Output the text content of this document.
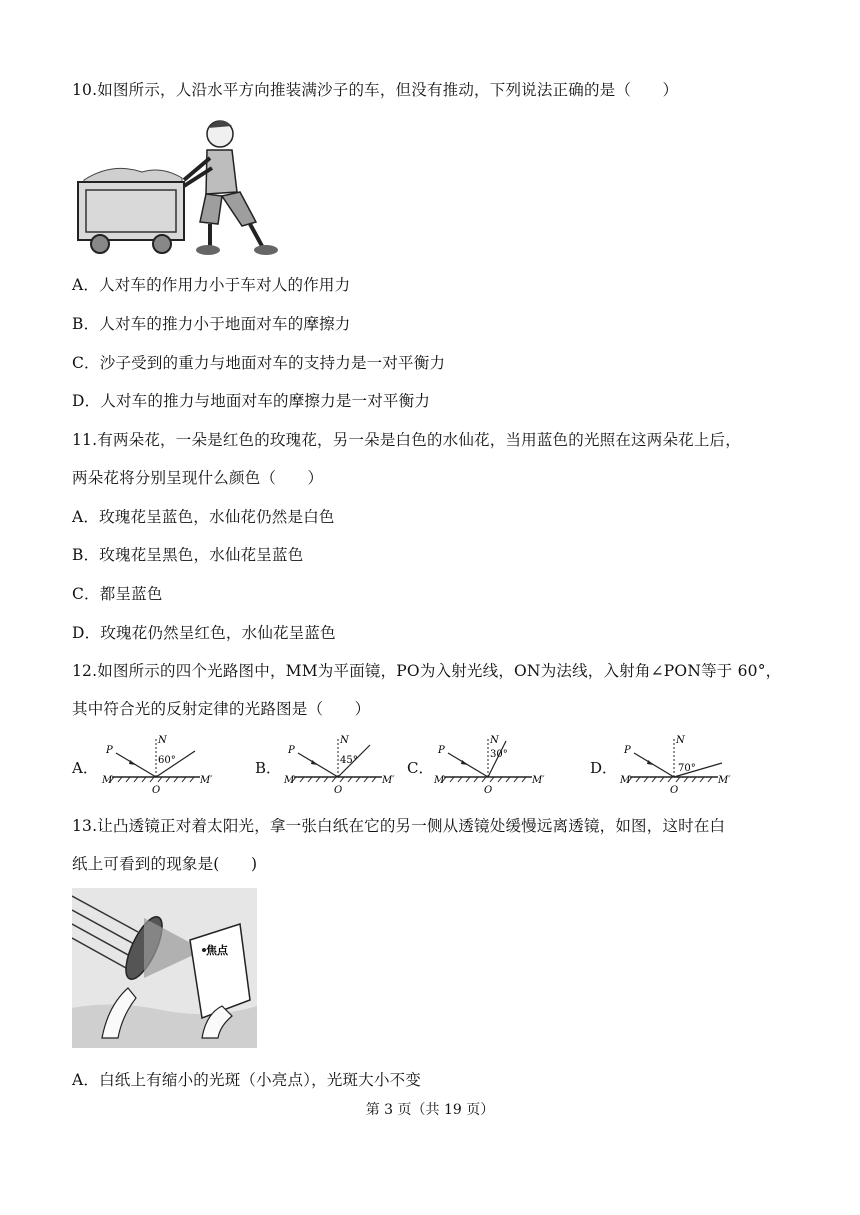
10.如图所示，人沿水平方向推装满沙子的车，但没有推动，下列说法正确的是（　　）
A．人对车的作用力小于车对人的作用力
B．人对车的推力小于地面对车的摩擦力
C．沙子受到的重力与地面对车的支持力是一对平衡力
D．人对车的推力与地面对车的摩擦力是一对平衡力
11.有两朵花，一朵是红色的玫瑰花，另一朵是白色的水仙花，当用蓝色的光照在这两朵花上后，
两朵花将分别呈现什么颜色（　　）
A．玫瑰花呈蓝色，水仙花仍然是白色
B．玫瑰花呈黑色，水仙花呈蓝色
C．都呈蓝色
D．玫瑰花仍然呈红色，水仙花呈蓝色
12.如图所示的四个光路图中，MM为平面镜，PO为入射光线，ON为法线，入射角∠PON等于 60°，
其中符合光的反射定律的光路图是（　　）
A．	B．	C．	D．
P
N
60°
M	M′
O
P
N
45°
M	M′
O
P
N
30°
M	M′
O
P
N
70°
M	M′
O
13.让凸透镜正对着太阳光，拿一张白纸在它的另一侧从透镜处缓慢远离透镜，如图，这时在白
纸上可看到的现象是(　　)
焦点
A．白纸上有缩小的光斑（小亮点），光斑大小不变
第 3 页（共 19 页）
